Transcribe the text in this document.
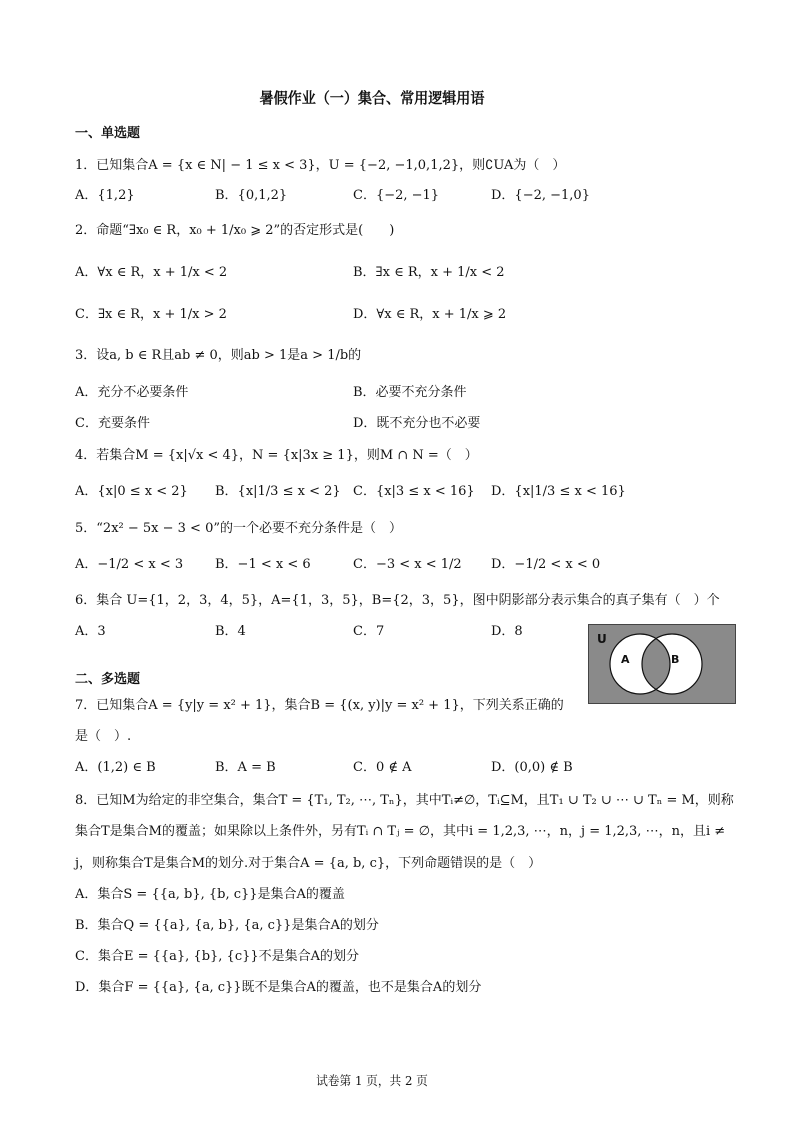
暑假作业（一）集合、常用逻辑用语
一、单选题
1．已知集合A = {x ∈ N| − 1 ≤ x < 3}，U = {−2, −1,0,1,2}，则∁UA为（　）
A．{1,2}	B．{0,1,2}	C．{−2, −1}	D．{−2, −1,0}
2．命题“∃x₀ ∈ R，x₀ + 1/x₀ ⩾ 2”的否定形式是(　　)
A．∀x ∈ R，x + 1/x < 2	B．∃x ∈ R，x + 1/x < 2
C．∃x ∈ R，x + 1/x > 2	D．∀x ∈ R，x + 1/x ⩾ 2
3．设a, b ∈ R且ab ≠ 0，则ab > 1是a > 1/b的
A．充分不必要条件	B．必要不充分条件
C．充要条件	D．既不充分也不必要
4．若集合M = {x|√x < 4}，N = {x|3x ≥ 1}，则M ∩ N =（　）
A．{x|0 ≤ x < 2} B．{x|1/3 ≤ x < 2} C．{x|3 ≤ x < 16} D．{x|1/3 ≤ x < 16}
5．“2x² − 5x − 3 < 0”的一个必要不充分条件是（　）
A．−1/2 < x < 3 B．−1 < x < 6	C．−3 < x < 1/2 D．−1/2 < x < 0
6．集合 U={1，2，3，4，5}，A={1，3，5}，B={2，3，5}，图中阴影部分表示集合的真子集有（　）个
A．3	B．4	C．7	D．8	U
A	B
二、多选题
7．已知集合A = {y|y = x² + 1}，集合B = {(x, y)|y = x² + 1}，下列关系正确的
是（　）.
A．(1,2) ∈ B	B．A = B	C．0 ∉ A	D．(0,0) ∉ B
8．已知M为给定的非空集合，集合T = {T₁, T₂, ⋯, Tₙ}，其中Tᵢ≠∅，Tᵢ⊆M，且T₁ ∪ T₂ ∪ ⋯ ∪ Tₙ = M，则称
集合T是集合M的覆盖；如果除以上条件外，另有Tᵢ ∩ Tⱼ = ∅，其中i = 1,2,3, ⋯，n，j = 1,2,3, ⋯，n，且i ≠
j，则称集合T是集合M的划分.对于集合A = {a, b, c}，下列命题错误的是（　）
A．集合S = {{a, b}, {b, c}}是集合A的覆盖
B．集合Q = {{a}, {a, b}, {a, c}}是集合A的划分
C．集合E = {{a}, {b}, {c}}不是集合A的划分
D．集合F = {{a}, {a, c}}既不是集合A的覆盖，也不是集合A的划分
试卷第 1 页，共 2 页
